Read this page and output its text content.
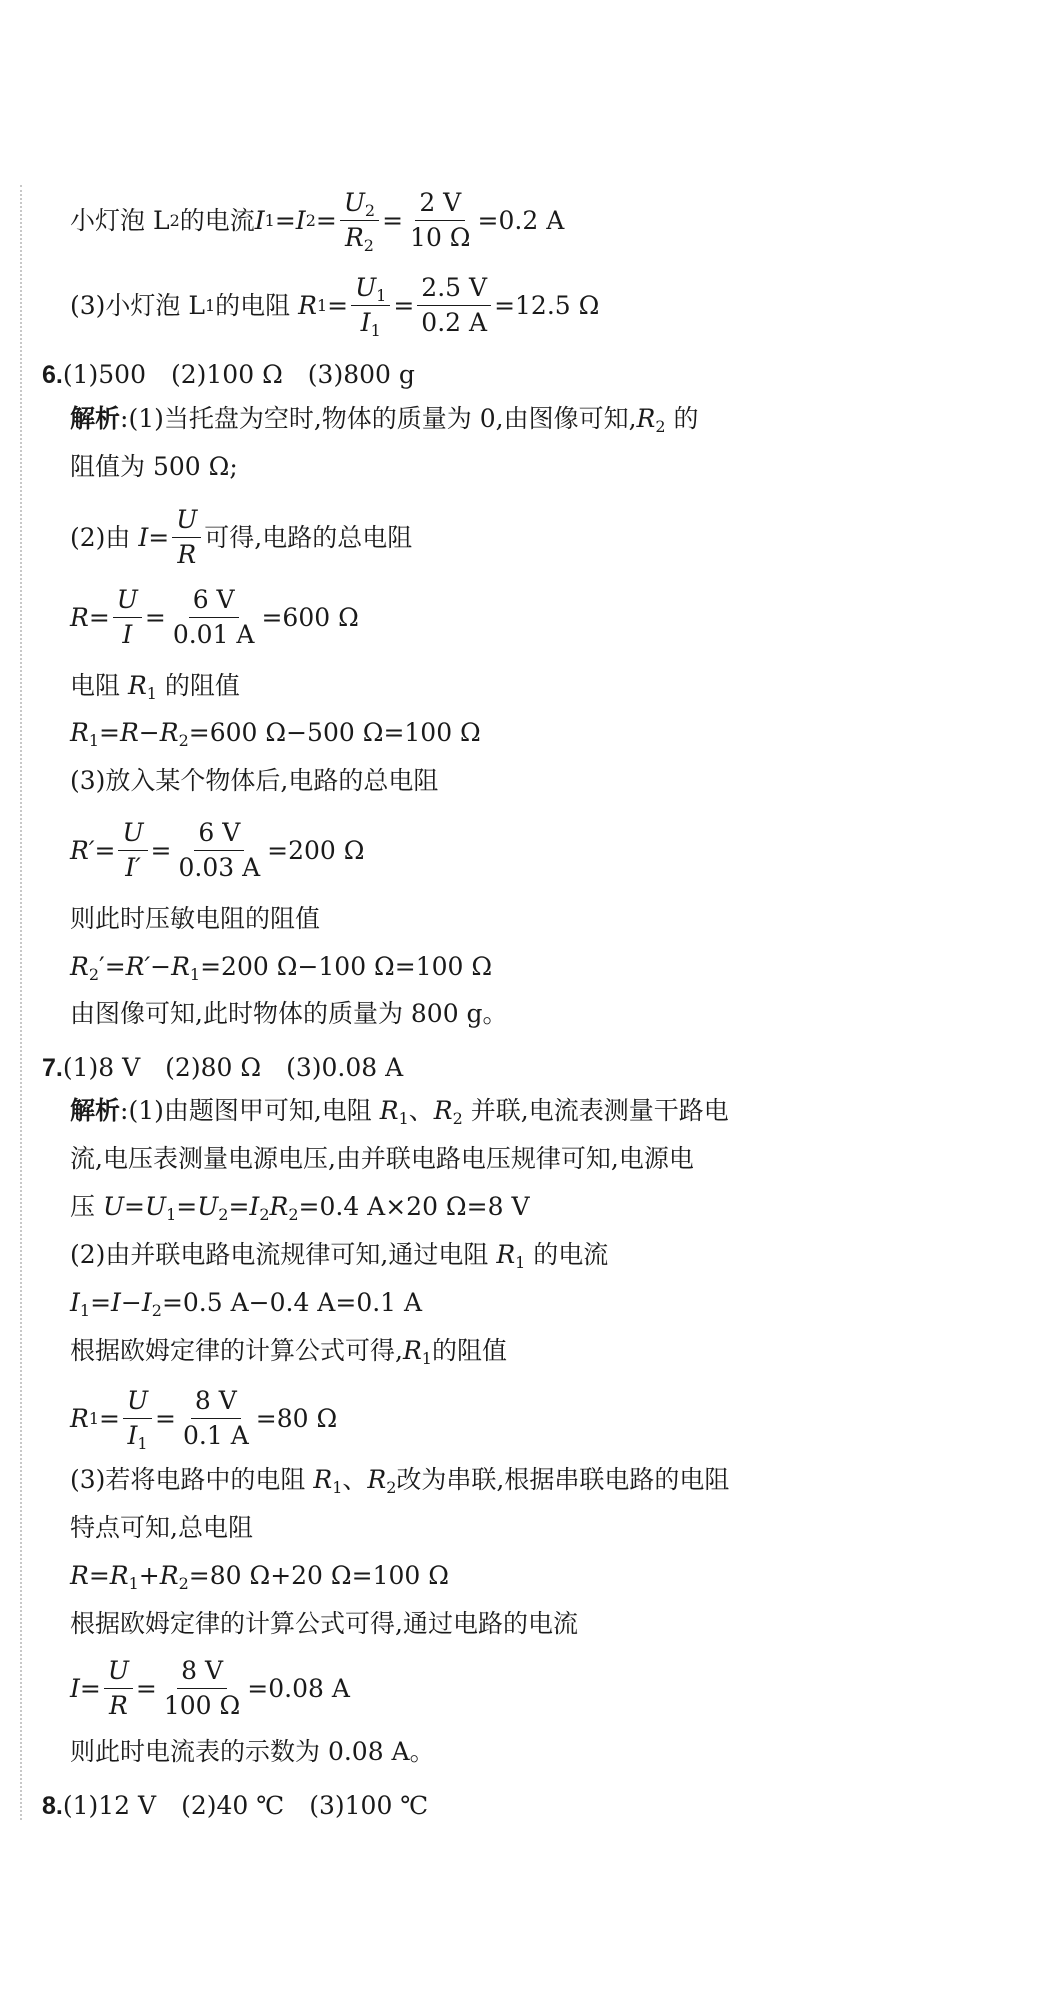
小灯泡 L 2 的电流 I 1 = I $2 = \frac{U_2}{R_2} = \frac{2 V}{10 \Omega} =0.2$ A
(3)小灯泡 L 1 的电阻 R $1 = \frac{U_1}{I_1} = \frac{2.5 V}{0.2 A} =12.5$ Ω
6.(1)500　(2)100 Ω　(3)800 g
解析:(1)当托盘为空时,物体的质量为 0,由图像可知$,R_2$ 的
阻值为 500 Ω;
(2)由 $I = \frac{U}{R}$ 可得,电路的总电阻
$R = \frac{U}{I} = \frac{6 V}{0.01 A} =600$ Ω
电阻 $R_1$ 的阻值
$R_1=R-R_2=600$ Ω−500 Ω=100 Ω
(3)放入某个物体后,电路的总电阻
$R' = \frac{U}{I'} = \frac{6 V}{0.03 A} =200$ Ω
则此时压敏电阻的阻值
$R_2'=R'-R_1=200$ Ω−100 Ω=100 Ω
由图像可知,此时物体的质量为 800 g。
7.(1)8 V　(2)80 Ω　(3)0.08 A
解析:(1)由题图甲可知,电阻 $R_1$、$R_2$ 并联,电流表测量干路电
流,电压表测量电源电压,由并联电路电压规律可知,电源电
压 $U=U_1=U_2=I_2R_2=0.4$ A×20 Ω=8 V
(2)由并联电路电流规律可知,通过电阻 $R_1$ 的电流
$I_1=I-I_2=0.5$ A−0.4 A=0.1 A
根据欧姆定律的计算公式可得$,R_1$的阻值
R $1 = \frac{U}{I_1} = \frac{8 V}{0.1 A} =80$ Ω
(3)若将电路中的电阻 $R_1$、$R_2$改为串联,根据串联电路的电阻
特点可知,总电阻
$R=R_1+R_2=80$ Ω+20 Ω=100 Ω
根据欧姆定律的计算公式可得,通过电路的电流
$I = \frac{U}{R} = \frac{8 V}{100 \Omega} =0.08$ A
则此时电流表的示数为 0.08 A。
8.(1)12 V　(2)40 ℃　(3)100 ℃
